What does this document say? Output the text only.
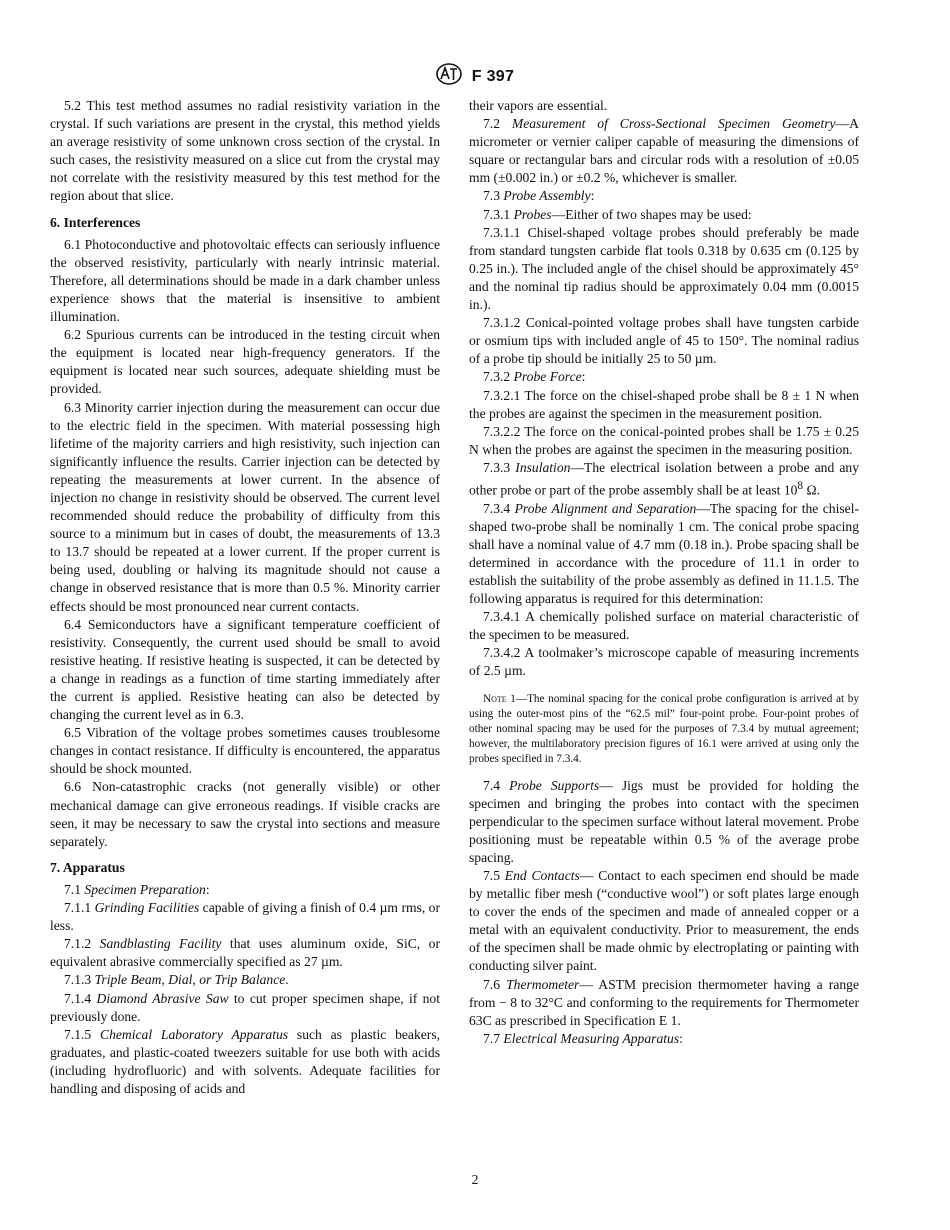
F 397

5.2 This test method assumes no radial resistivity variation in the crystal. If such variations are present in the crystal, this method yields an average resistivity of some unknown cross section of the crystal. In such cases, the resistivity measured on a slice cut from the crystal may not correlate with the resistivity measured by this test method for the region about that slice.

6. Interferences

6.1 Photoconductive and photovoltaic effects can seriously influence the observed resistivity, particularly with nearly intrinsic material. Therefore, all determinations should be made in a dark chamber unless experience shows that the material is insensitive to ambient illumination.

6.2 Spurious currents can be introduced in the testing circuit when the equipment is located near high-frequency generators. If the equipment is located near such sources, adequate shielding must be provided.

6.3 Minority carrier injection during the measurement can occur due to the electric field in the specimen. With material possessing high lifetime of the majority carriers and high resistivity, such injection can significantly influence the results. Carrier injection can be detected by repeating the measurements at lower current. In the absence of injection no change in resistivity should be observed. The current level recommended should reduce the probability of difficulty from this source to a minimum but in cases of doubt, the measurements of 13.3 to 13.7 should be repeated at a lower current. If the proper current is being used, doubling or halving its magnitude should not cause a change in observed resistance that is more than 0.5 %. Minority carrier effects should be most pronounced near current contacts.

6.4 Semiconductors have a significant temperature coefficient of resistivity. Consequently, the current used should be small to avoid resistive heating. If resistive heating is suspected, it can be detected by a change in readings as a function of time starting immediately after the current is applied. Resistive heating can also be detected by changing the current level as in 6.3.

6.5 Vibration of the voltage probes sometimes causes troublesome changes in contact resistance. If difficulty is encountered, the apparatus should be shock mounted.

6.6 Non-catastrophic cracks (not generally visible) or other mechanical damage can give erroneous readings. If visible cracks are seen, it may be necessary to saw the crystal into sections and measure separately.

7. Apparatus

7.1 Specimen Preparation:

7.1.1 Grinding Facilities capable of giving a finish of 0.4 µm rms, or less.

7.1.2 Sandblasting Facility that uses aluminum oxide, SiC, or equivalent abrasive commercially specified as 27 µm.

7.1.3 Triple Beam, Dial, or Trip Balance.

7.1.4 Diamond Abrasive Saw to cut proper specimen shape, if not previously done.

7.1.5 Chemical Laboratory Apparatus such as plastic beakers, graduates, and plastic-coated tweezers suitable for use both with acids (including hydrofluoric) and with solvents. Adequate facilities for handling and disposing of acids and

their vapors are essential.

7.2 Measurement of Cross-Sectional Specimen Geometry—A micrometer or vernier caliper capable of measuring the dimensions of square or rectangular bars and circular rods with a resolution of ±0.05 mm (±0.002 in.) or ±0.2 %, whichever is smaller.

7.3 Probe Assembly:

7.3.1 Probes—Either of two shapes may be used:

7.3.1.1 Chisel-shaped voltage probes should preferably be made from standard tungsten carbide flat tools 0.318 by 0.635 cm (0.125 by 0.25 in.). The included angle of the chisel should be approximately 45° and the nominal tip radius should be approximately 0.04 mm (0.0015 in.).

7.3.1.2 Conical-pointed voltage probes shall have tungsten carbide or osmium tips with included angle of 45 to 150°. The nominal radius of a probe tip should be initially 25 to 50 µm.

7.3.2 Probe Force:

7.3.2.1 The force on the chisel-shaped probe shall be 8 ± 1 N when the probes are against the specimen in the measurement position.

7.3.2.2 The force on the conical-pointed probes shall be 1.75 ± 0.25 N when the probes are against the specimen in the measuring position.

7.3.3 Insulation—The electrical isolation between a probe and any other probe or part of the probe assembly shall be at least $10^8$ Ω.

7.3.4 Probe Alignment and Separation—The spacing for the chisel-shaped two-probe shall be nominally 1 cm. The conical probe spacing shall have a nominal value of 4.7 mm (0.18 in.). Probe spacing shall be determined in accordance with the procedure of 11.1 in order to establish the suitability of the probe assembly as defined in 11.1.5. The following apparatus is required for this determination:

7.3.4.1 A chemically polished surface on material characteristic of the specimen to be measured.

7.3.4.2 A toolmaker’s microscope capable of measuring increments of 2.5 µm.

Note 1—The nominal spacing for the conical probe configuration is arrived at by using the outer-most pins of the “62.5 mil” four-point probe. Four-point probes of other nominal spacing may be used for the purposes of 7.3.4 by mutual agreement; however, the multilaboratory precision figures of 16.1 were arrived at using only the probes specified in 7.3.4.

7.4 Probe Supports— Jigs must be provided for holding the specimen and bringing the probes into contact with the specimen perpendicular to the specimen surface without lateral movement. Probe positioning must be repeatable within 0.5 % of the average probe spacing.

7.5 End Contacts— Contact to each specimen end should be made by metallic fiber mesh (“conductive wool”) or soft plates large enough to cover the ends of the specimen and made of annealed copper or a metal with an equivalent conductivity. Prior to measurement, the ends of the specimen shall be made ohmic by electroplating or painting with conducting silver paint.

7.6 Thermometer— ASTM precision thermometer having a range from − 8 to 32°C and conforming to the requirements for Thermometer 63C as prescribed in Specification E 1.

7.7 Electrical Measuring Apparatus:

2
